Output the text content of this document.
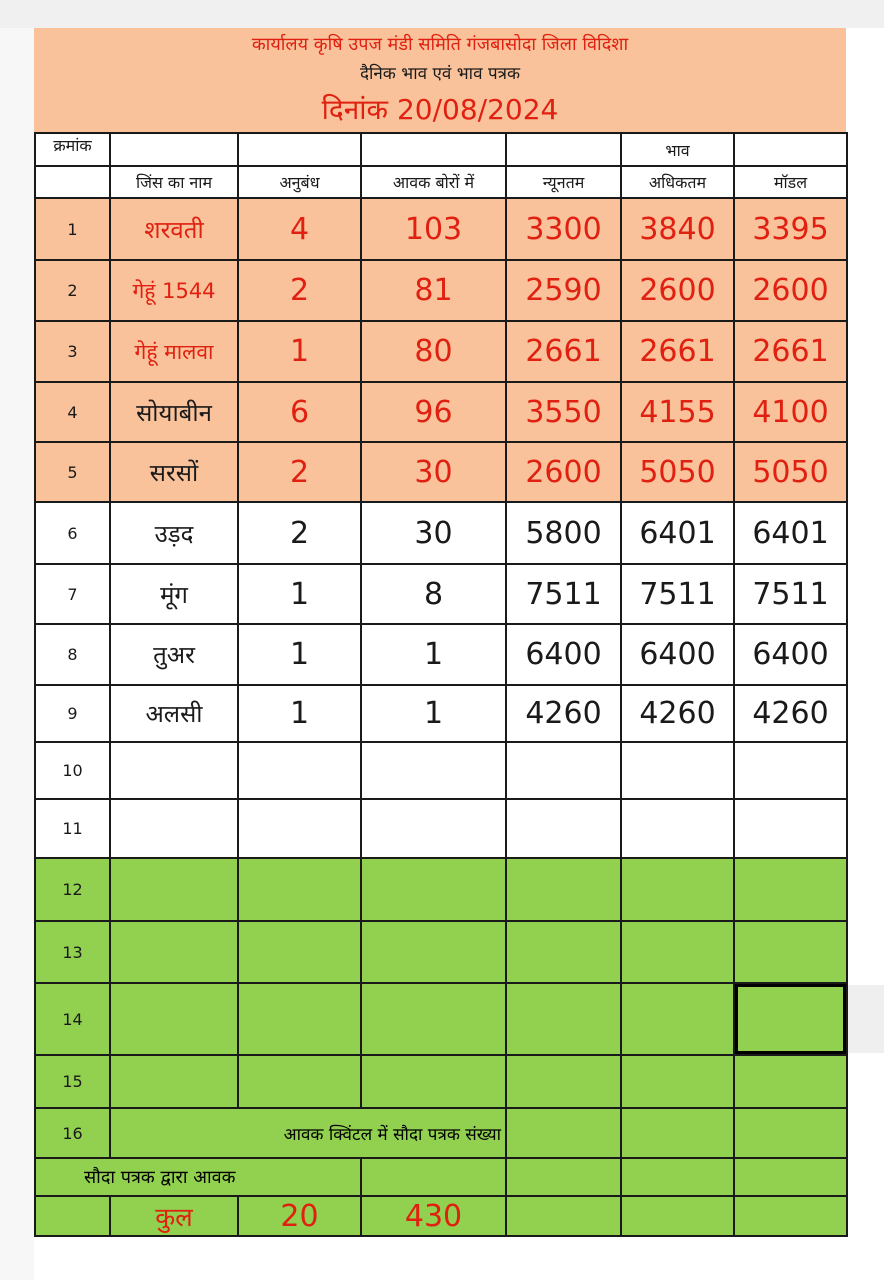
कार्यालय कृषि उपज मंडी समिति गंजबासोदा जिला विदिशा
दैनिक भाव एवं भाव पत्रक
दिनांक 20/08/2024
क्रमांक					भाव	
	जिंस का नाम	अनुबंध	आवक बोरों में	न्यूनतम	अधिकतम	मॉडल
1	शरवती	4	103	3300	3840	3395
2	गेहूं 1544	2	81	2590	2600	2600
3	गेहूं मालवा	1	80	2661	2661	2661
4	सोयाबीन	6	96	3550	4155	4100
5	सरसों	2	30	2600	5050	5050
6	उड़द	2	30	5800	6401	6401
7	मूंग	1	8	7511	7511	7511
8	तुअर	1	1	6400	6400	6400
9	अलसी	1	1	4260	4260	4260
10						
11						
12						
13						
14						
15						
16	आवक क्विंटल में सौदा पत्रक संख्या					
सौदा पत्रक द्वारा आवक						
	कुल	20	430			
